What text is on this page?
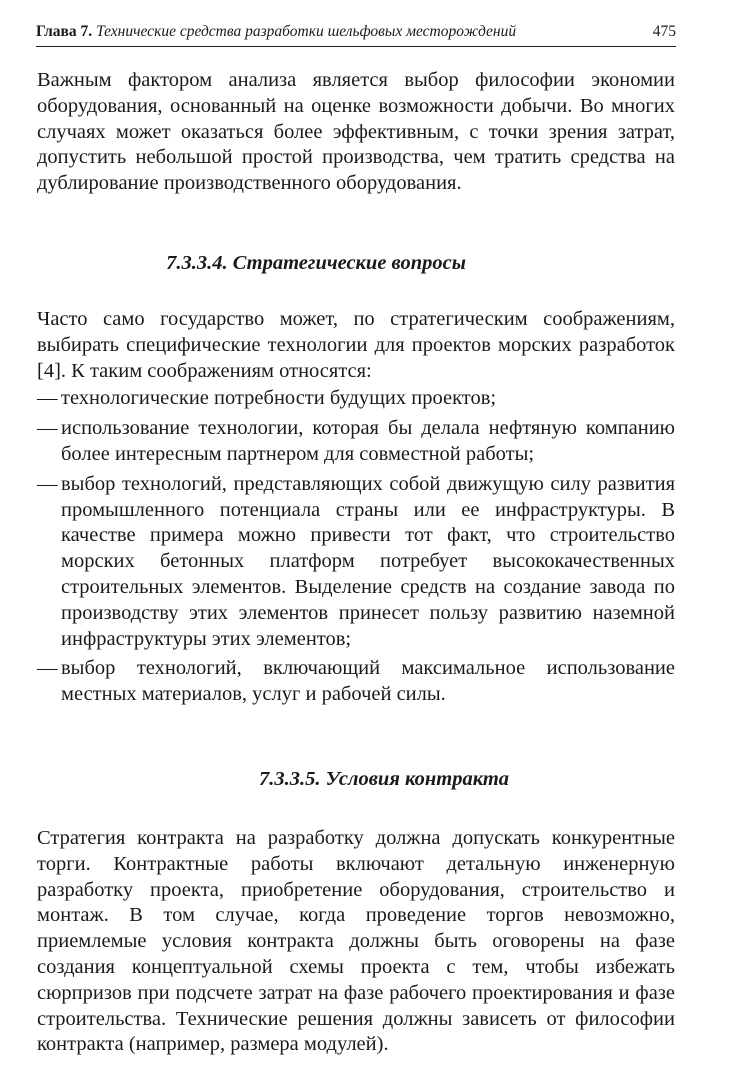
Глава 7. Технические средства разработки шельфовых месторождений	475

Важным фактором анализа является выбор философии экономии оборудования, основанный на оценке возможности добычи. Во многих случаях может оказаться более эффективным, с точки зрения затрат, допустить небольшой простой производства, чем тратить средства на дублирование производственного оборудования.

7.3.3.4. Стратегические вопросы

Часто само государство может, по стратегическим соображениям, выбирать специфические технологии для проектов морских разработок [4]. К таким соображениям относятся:

— технологические потребности будущих проектов;
— использование технологии, которая бы делала нефтяную компанию более интересным партнером для совместной работы;
— выбор технологий, представляющих собой движущую силу развития промышленного потенциала страны или ее инфраструктуры. В качестве примера можно привести тот факт, что строительство морских бетонных платформ потребует высококачественных строительных элементов. Выделение средств на создание завода по производству этих элементов принесет пользу развитию наземной инфраструктуры этих элементов;
— выбор технологий, включающий максимальное использование местных материалов, услуг и рабочей силы.
7.3.3.5. Условия контракта

Стратегия контракта на разработку должна допускать конкурентные торги. Контрактные работы включают детальную инженерную разработку проекта, приобретение оборудования, строительство и монтаж. В том случае, когда проведение торгов невозможно, приемлемые условия контракта должны быть оговорены на фазе создания концептуальной схемы проекта с тем, чтобы избежать сюрпризов при подсчете затрат на фазе рабочего проектирования и фазе строительства. Технические решения должны зависеть от философии контракта (например, размера модулей).
